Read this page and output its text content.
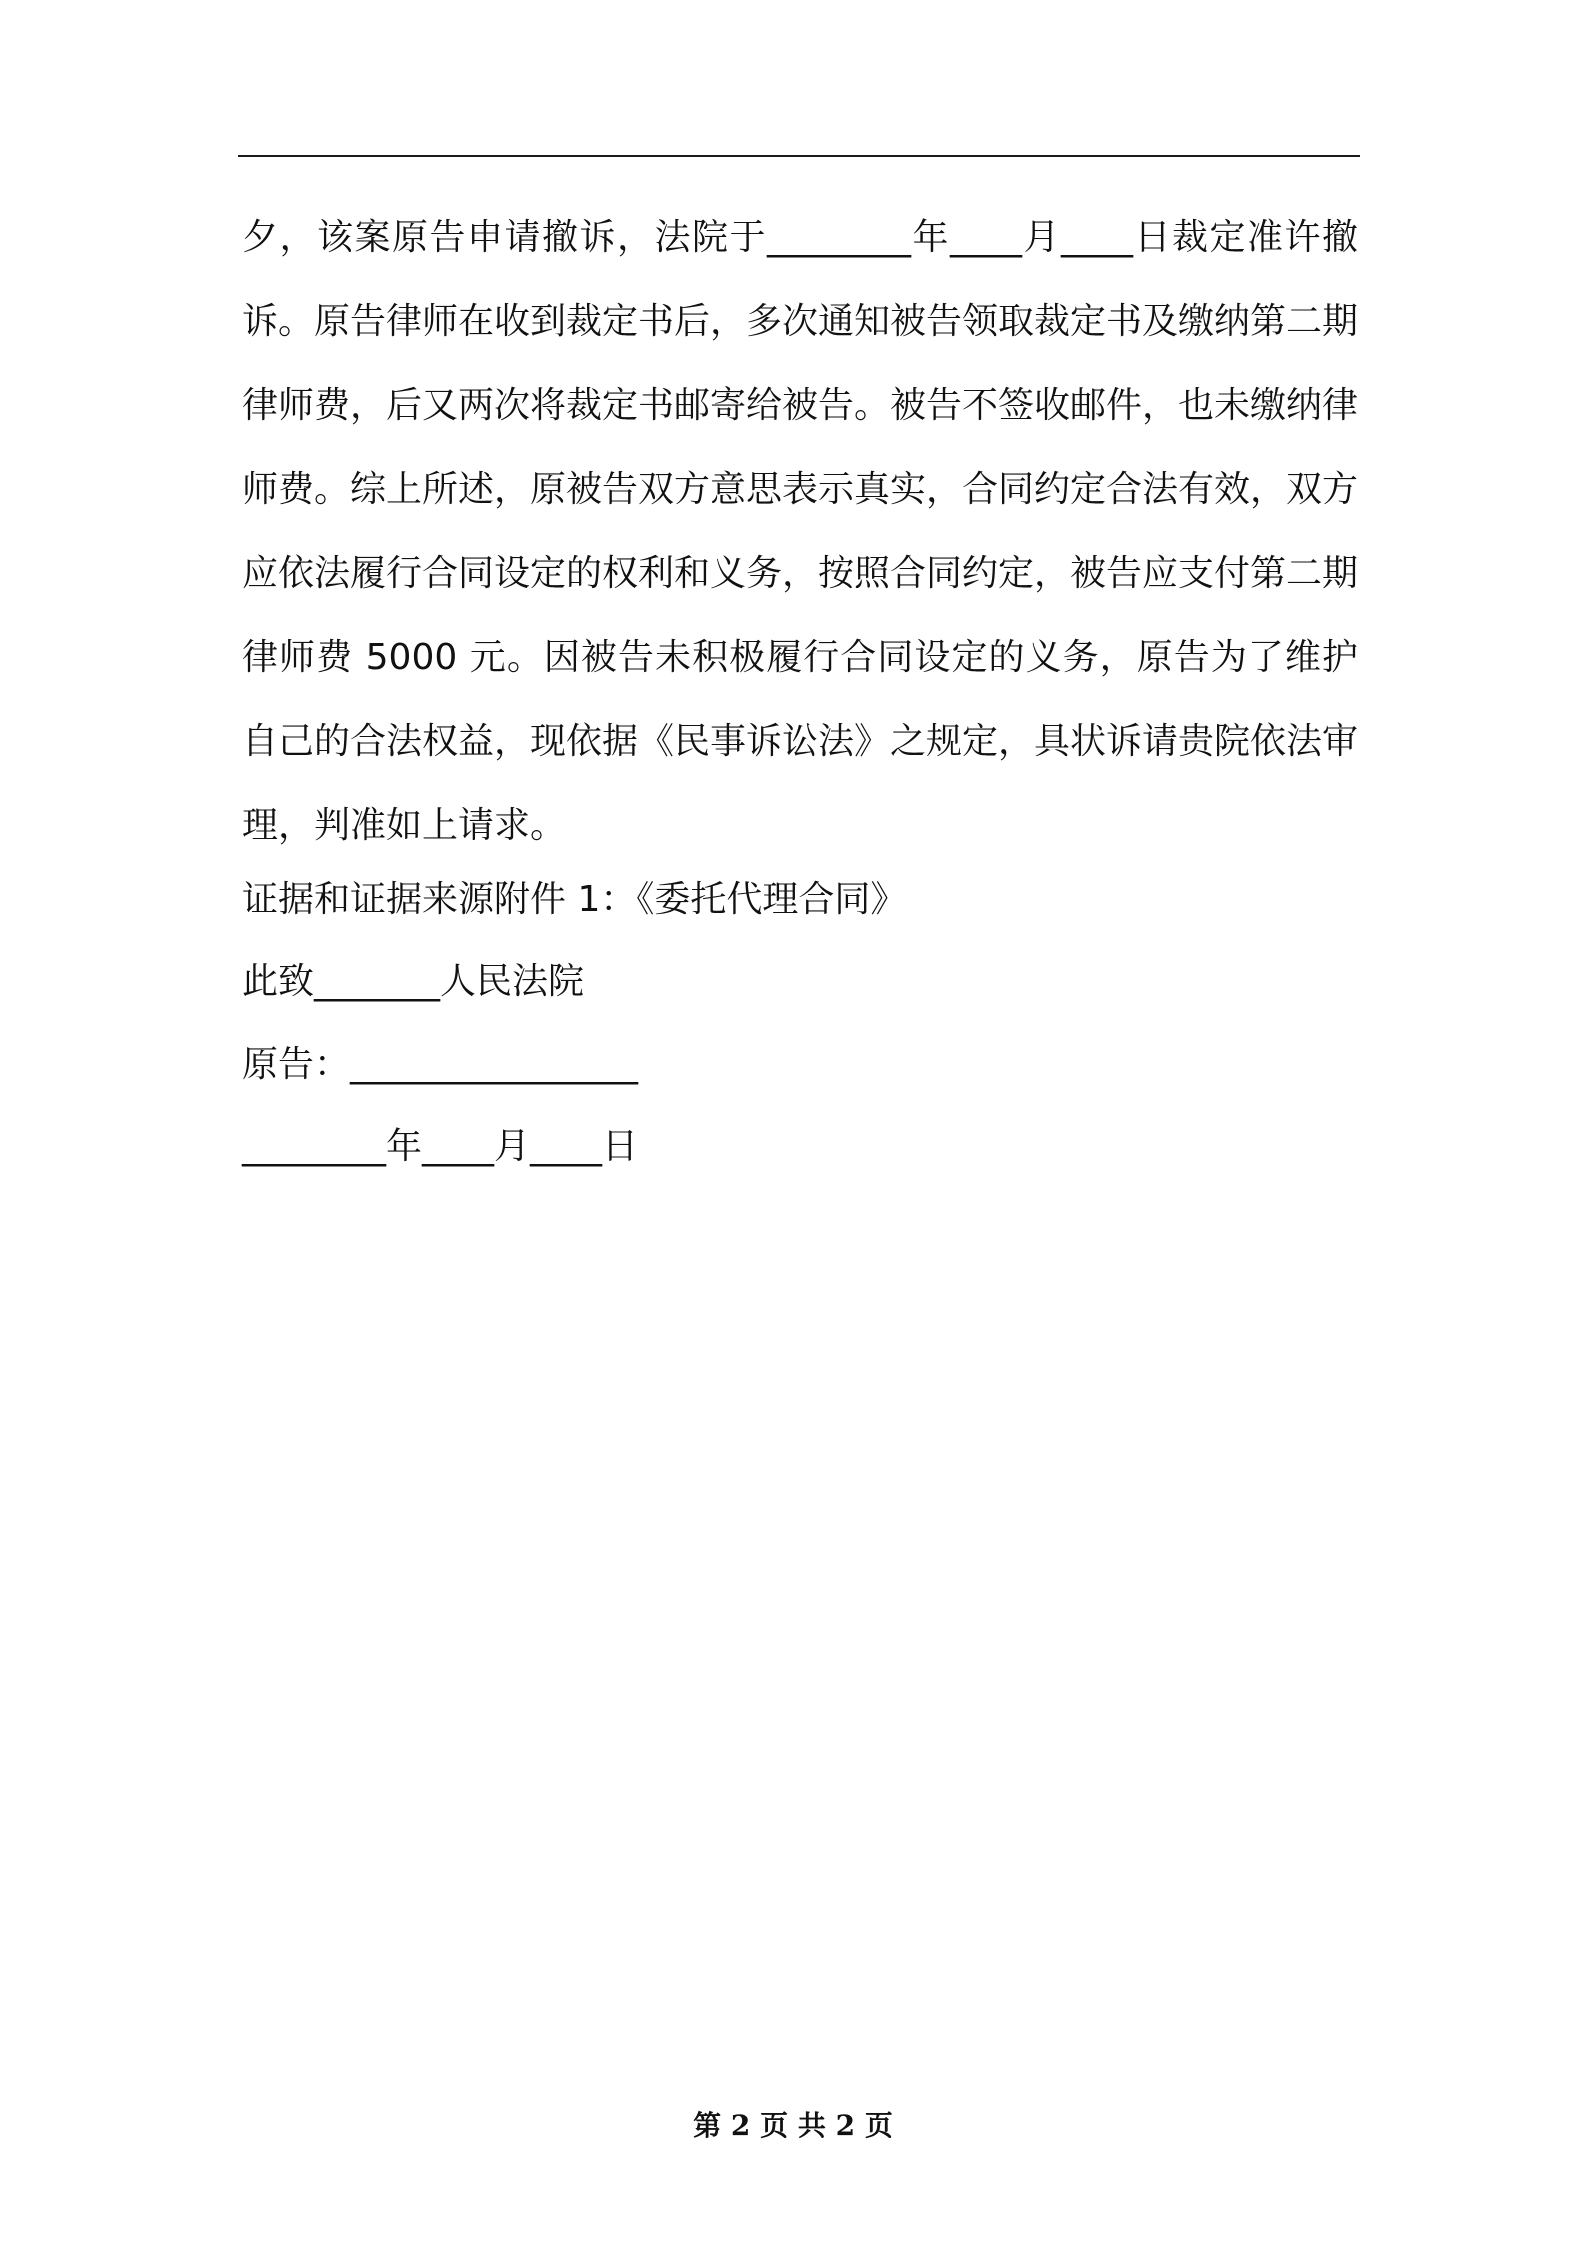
夕，该案原告申请撤诉，法院于________年____月____日裁定准许撤诉。原告律师在收到裁定书后，多次通知被告领取裁定书及缴纳第二期律师费，后又两次将裁定书邮寄给被告。被告不签收邮件，也未缴纳律师费。综上所述，原被告双方意思表示真实，合同约定合法有效，双方应依法履行合同设定的权利和义务，按照合同约定，被告应支付第二期律师费 5000 元。因被告未积极履行合同设定的义务，原告为了维护自己的合法权益，现依据《民事诉讼法》之规定，具状诉请贵院依法审理，判准如上请求。

证据和证据来源附件 1：《委托代理合同》

此致_______人民法院

原告：________________

________年____月____日

第 2 页 共 2 页
